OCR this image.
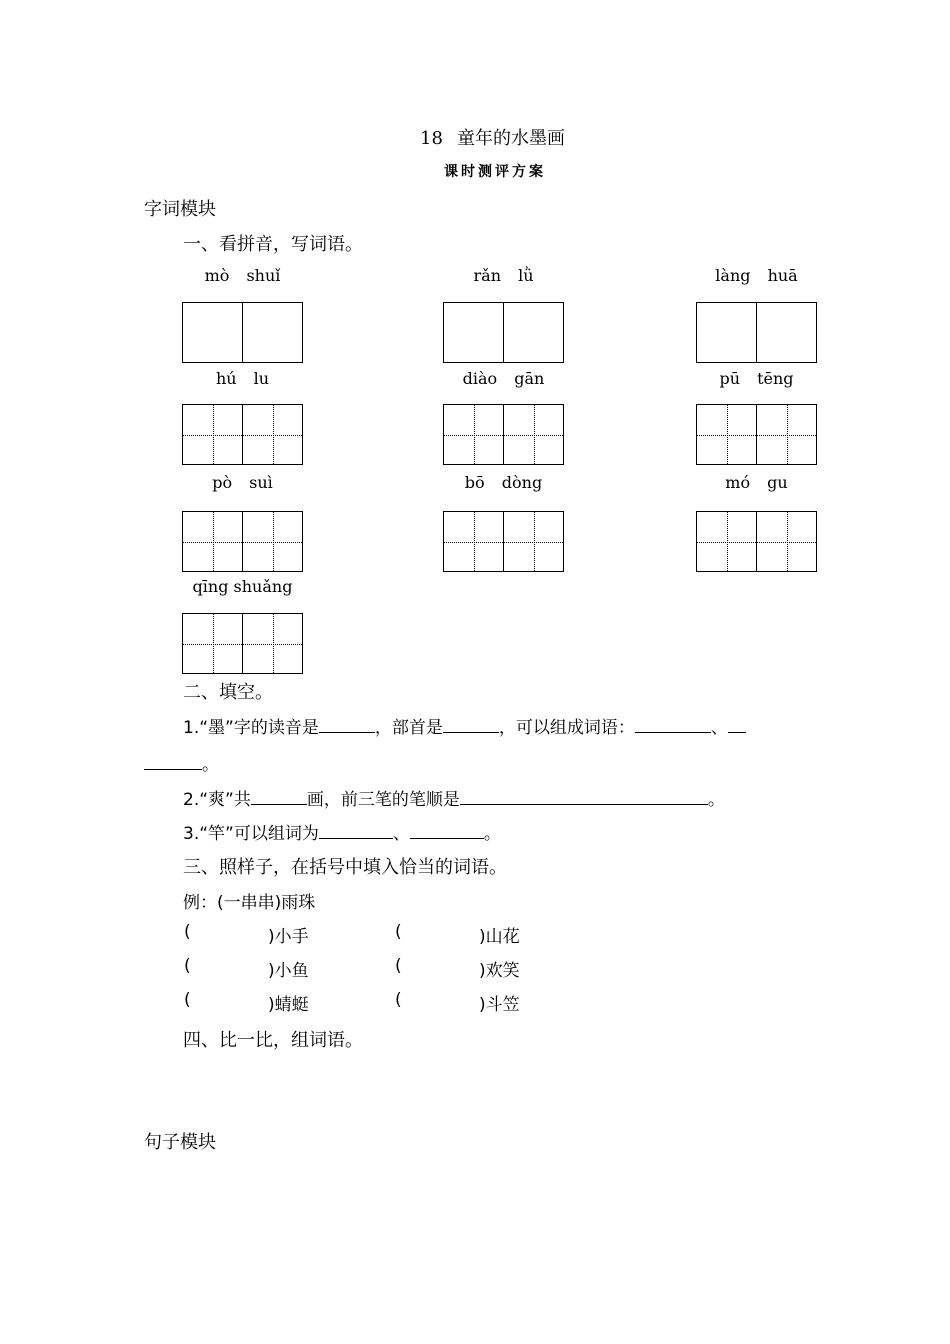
18 童年的水墨画
课时测评方案
字词模块
一、看拼音，写词语。
mò shuǐ	rǎn lǜ	làng huā
hú lu	diào gān	pū tēng
pò suì	bō dòng	mó gu
qīng shuǎng
二、填空。
1.“墨”字的读音是	，部首是	，可以组成词语：	、
。
2.“爽”共	画，前三笔的笔顺是	。
3.“竿”可以组词为	、	。
三、照样子，在括号中填入恰当的词语。
例：(一串串)雨珠
(	)小手	(	)山花
(	)小鱼	(	)欢笑
(	)蜻蜓	(	)斗笠
四、比一比，组词语。
句子模块
